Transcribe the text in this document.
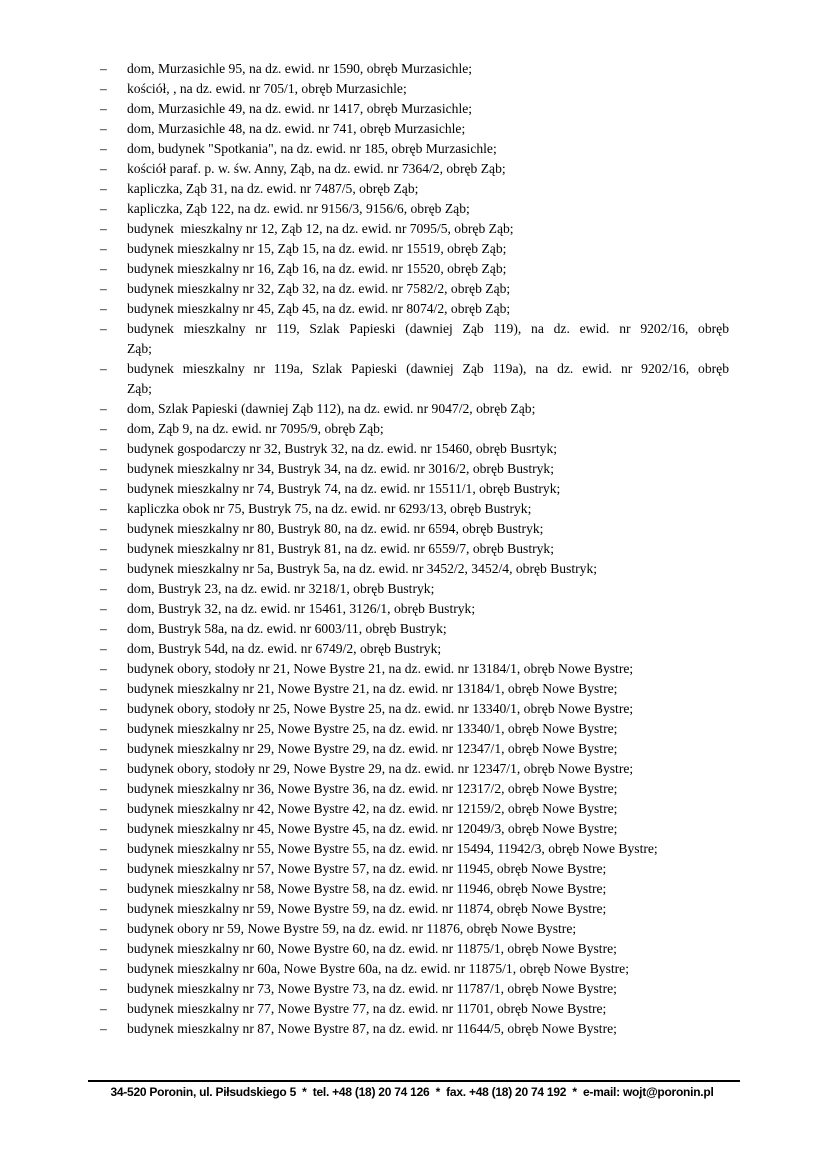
–	dom, Murzasichle 95, na dz. ewid. nr 1590, obręb Murzasichle;
–	kościół, , na dz. ewid. nr 705/1, obręb Murzasichle;
–	dom, Murzasichle 49, na dz. ewid. nr 1417, obręb Murzasichle;
–	dom, Murzasichle 48, na dz. ewid. nr 741, obręb Murzasichle;
–	dom, budynek "Spotkania", na dz. ewid. nr 185, obręb Murzasichle;
–	kościół paraf. p. w. św. Anny, Ząb, na dz. ewid. nr 7364/2, obręb Ząb;
–	kapliczka, Ząb 31, na dz. ewid. nr 7487/5, obręb Ząb;
–	kapliczka, Ząb 122, na dz. ewid. nr 9156/3, 9156/6, obręb Ząb;
–	budynek  mieszkalny nr 12, Ząb 12, na dz. ewid. nr 7095/5, obręb Ząb;
–	budynek mieszkalny nr 15, Ząb 15, na dz. ewid. nr 15519, obręb Ząb;
–	budynek mieszkalny nr 16, Ząb 16, na dz. ewid. nr 15520, obręb Ząb;
–	budynek mieszkalny nr 32, Ząb 32, na dz. ewid. nr 7582/2, obręb Ząb;
–	budynek mieszkalny nr 45, Ząb 45, na dz. ewid. nr 8074/2, obręb Ząb;
–	budynek mieszkalny nr 119, Szlak Papieski (dawniej Ząb 119), na dz. ewid. nr 9202/16, obręb
Ząb;
–	budynek mieszkalny nr 119a, Szlak Papieski (dawniej Ząb 119a), na dz. ewid. nr 9202/16, obręb
Ząb;
–	dom, Szlak Papieski (dawniej Ząb 112), na dz. ewid. nr 9047/2, obręb Ząb;
–	dom, Ząb 9, na dz. ewid. nr 7095/9, obręb Ząb;
–	budynek gospodarczy nr 32, Bustryk 32, na dz. ewid. nr 15460, obręb Busrtyk;
–	budynek mieszkalny nr 34, Bustryk 34, na dz. ewid. nr 3016/2, obręb Bustryk;
–	budynek mieszkalny nr 74, Bustryk 74, na dz. ewid. nr 15511/1, obręb Bustryk;
–	kapliczka obok nr 75, Bustryk 75, na dz. ewid. nr 6293/13, obręb Bustryk;
–	budynek mieszkalny nr 80, Bustryk 80, na dz. ewid. nr 6594, obręb Bustryk;
–	budynek mieszkalny nr 81, Bustryk 81, na dz. ewid. nr 6559/7, obręb Bustryk;
–	budynek mieszkalny nr 5a, Bustryk 5a, na dz. ewid. nr 3452/2, 3452/4, obręb Bustryk;
–	dom, Bustryk 23, na dz. ewid. nr 3218/1, obręb Bustryk;
–	dom, Bustryk 32, na dz. ewid. nr 15461, 3126/1, obręb Bustryk;
–	dom, Bustryk 58a, na dz. ewid. nr 6003/11, obręb Bustryk;
–	dom, Bustryk 54d, na dz. ewid. nr 6749/2, obręb Bustryk;
–	budynek obory, stodoły nr 21, Nowe Bystre 21, na dz. ewid. nr 13184/1, obręb Nowe Bystre;
–	budynek mieszkalny nr 21, Nowe Bystre 21, na dz. ewid. nr 13184/1, obręb Nowe Bystre;
–	budynek obory, stodoły nr 25, Nowe Bystre 25, na dz. ewid. nr 13340/1, obręb Nowe Bystre;
–	budynek mieszkalny nr 25, Nowe Bystre 25, na dz. ewid. nr 13340/1, obręb Nowe Bystre;
–	budynek mieszkalny nr 29, Nowe Bystre 29, na dz. ewid. nr 12347/1, obręb Nowe Bystre;
–	budynek obory, stodoły nr 29, Nowe Bystre 29, na dz. ewid. nr 12347/1, obręb Nowe Bystre;
–	budynek mieszkalny nr 36, Nowe Bystre 36, na dz. ewid. nr 12317/2, obręb Nowe Bystre;
–	budynek mieszkalny nr 42, Nowe Bystre 42, na dz. ewid. nr 12159/2, obręb Nowe Bystre;
–	budynek mieszkalny nr 45, Nowe Bystre 45, na dz. ewid. nr 12049/3, obręb Nowe Bystre;
–	budynek mieszkalny nr 55, Nowe Bystre 55, na dz. ewid. nr 15494, 11942/3, obręb Nowe Bystre;
–	budynek mieszkalny nr 57, Nowe Bystre 57, na dz. ewid. nr 11945, obręb Nowe Bystre;
–	budynek mieszkalny nr 58, Nowe Bystre 58, na dz. ewid. nr 11946, obręb Nowe Bystre;
–	budynek mieszkalny nr 59, Nowe Bystre 59, na dz. ewid. nr 11874, obręb Nowe Bystre;
–	budynek obory nr 59, Nowe Bystre 59, na dz. ewid. nr 11876, obręb Nowe Bystre;
–	budynek mieszkalny nr 60, Nowe Bystre 60, na dz. ewid. nr 11875/1, obręb Nowe Bystre;
–	budynek mieszkalny nr 60a, Nowe Bystre 60a, na dz. ewid. nr 11875/1, obręb Nowe Bystre;
–	budynek mieszkalny nr 73, Nowe Bystre 73, na dz. ewid. nr 11787/1, obręb Nowe Bystre;
–	budynek mieszkalny nr 77, Nowe Bystre 77, na dz. ewid. nr 11701, obręb Nowe Bystre;
–	budynek mieszkalny nr 87, Nowe Bystre 87, na dz. ewid. nr 11644/5, obręb Nowe Bystre;
34-520 Poronin, ul. Piłsudskiego 5  *  tel. +48 (18) 20 74 126  *  fax. +48 (18) 20 74 192  *  e-mail: wojt@poronin.pl
